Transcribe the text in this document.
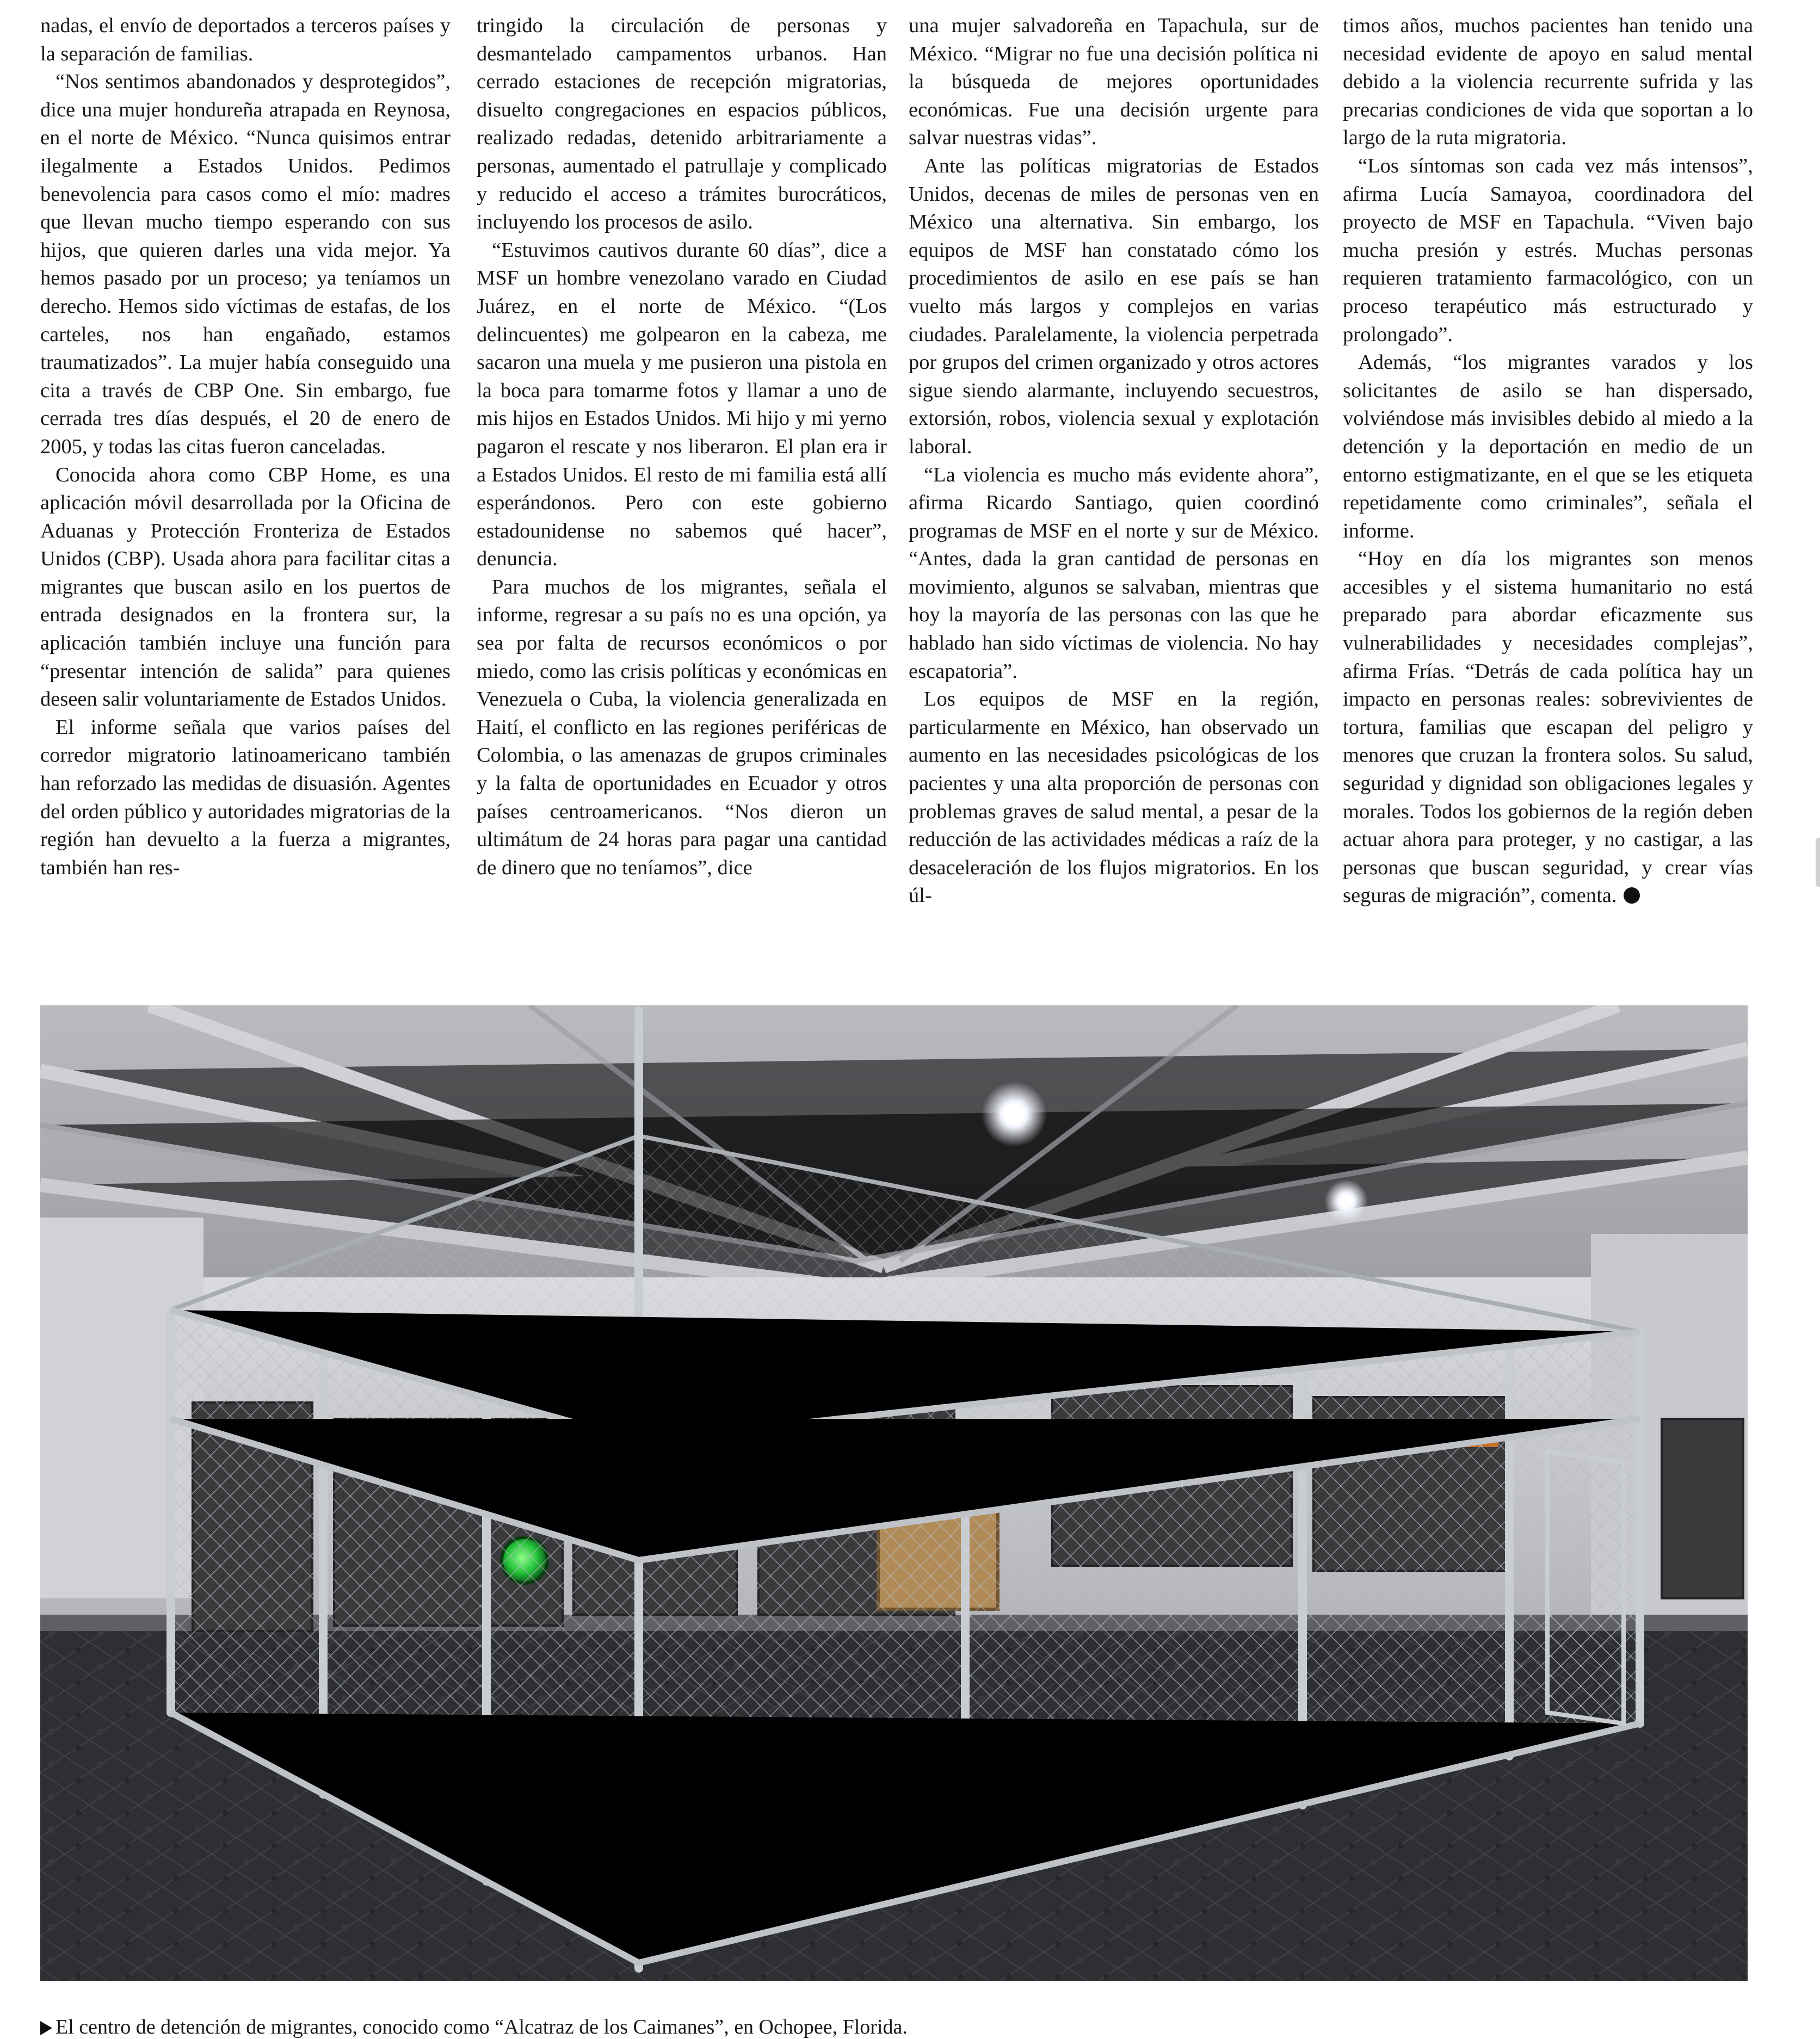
nadas, el envío de deportados a terceros países y la separación de familias.

“Nos sentimos abandonados y desprotegidos”, dice una mujer hondureña atrapada en Reynosa, en el norte de México. “Nunca quisimos entrar ilegalmente a Estados Unidos. Pedimos benevolencia para casos como el mío: madres que llevan mucho tiempo esperando con sus hijos, que quieren darles una vida mejor. Ya hemos pasado por un proceso; ya teníamos un derecho. Hemos sido víctimas de estafas, de los carteles, nos han engañado, estamos traumatizados”. La mujer había conseguido una cita a través de CBP One. Sin embargo, fue cerrada tres días después, el 20 de enero de 2005, y todas las citas fueron canceladas.

Conocida ahora como CBP Home, es una aplicación móvil desarrollada por la Oficina de Aduanas y Protección Fronteriza de Estados Unidos (CBP). Usada ahora para facilitar citas a migrantes que buscan asilo en los puertos de entrada designados en la frontera sur, la aplicación también incluye una función para “presentar intención de salida” para quienes deseen salir voluntariamente de Estados Unidos.

El informe señala que varios países del corredor migratorio latinoamericano también han reforzado las medidas de disuasión. Agentes del orden público y autoridades migratorias de la región han devuelto a la fuerza a migrantes, también han res-

tringido la circulación de personas y desmantelado campamentos urbanos. Han cerrado estaciones de recepción migratorias, disuelto congregaciones en espacios públicos, realizado redadas, detenido arbitrariamente a personas, aumentado el patrullaje y complicado y reducido el acceso a trámites burocráticos, incluyendo los procesos de asilo.

“Estuvimos cautivos durante 60 días”, dice a MSF un hombre venezolano varado en Ciudad Juárez, en el norte de México. “(Los delincuentes) me golpearon en la cabeza, me sacaron una muela y me pusieron una pistola en la boca para tomarme fotos y llamar a uno de mis hijos en Estados Unidos. Mi hijo y mi yerno pagaron el rescate y nos liberaron. El plan era ir a Estados Unidos. El resto de mi familia está allí esperándonos. Pero con este gobierno estadounidense no sabemos qué hacer”, denuncia.

Para muchos de los migrantes, señala el informe, regresar a su país no es una opción, ya sea por falta de recursos económicos o por miedo, como las crisis políticas y económicas en Venezuela o Cuba, la violencia generalizada en Haití, el conflicto en las regiones periféricas de Colombia, o las amenazas de grupos criminales y la falta de oportunidades en Ecuador y otros países centroamericanos. “Nos dieron un ultimátum de 24 horas para pagar una cantidad de dinero que no teníamos”, dice

una mujer salvadoreña en Tapachula, sur de México. “Migrar no fue una decisión política ni la búsqueda de mejores oportunidades económicas. Fue una decisión urgente para salvar nuestras vidas”.

Ante las políticas migratorias de Estados Unidos, decenas de miles de personas ven en México una alternativa. Sin embargo, los equipos de MSF han constatado cómo los procedimientos de asilo en ese país se han vuelto más largos y complejos en varias ciudades. Paralelamente, la violencia perpetrada por grupos del crimen organizado y otros actores sigue siendo alarmante, incluyendo secuestros, extorsión, robos, violencia sexual y explotación laboral.

“La violencia es mucho más evidente ahora”, afirma Ricardo Santiago, quien coordinó programas de MSF en el norte y sur de México. “Antes, dada la gran cantidad de personas en movimiento, algunos se salvaban, mientras que hoy la mayoría de las personas con las que he hablado han sido víctimas de violencia. No hay escapatoria”.

Los equipos de MSF en la región, particularmente en México, han observado un aumento en las necesidades psicológicas de los pacientes y una alta proporción de personas con problemas graves de salud mental, a pesar de la reducción de las actividades médicas a raíz de la desaceleración de los flujos migratorios. En los úl-

timos años, muchos pacientes han tenido una necesidad evidente de apoyo en salud mental debido a la violencia recurrente sufrida y las precarias condiciones de vida que soportan a lo largo de la ruta migratoria.

“Los síntomas son cada vez más intensos”, afirma Lucía Samayoa, coordinadora del proyecto de MSF en Tapachula. “Viven bajo mucha presión y estrés. Muchas personas requieren tratamiento farmacológico, con un proceso terapéutico más estructurado y prolongado”.

Además, “los migrantes varados y los solicitantes de asilo se han dispersado, volviéndose más invisibles debido al miedo a la detención y la deportación en medio de un entorno estigmatizante, en el que se les etiqueta repetidamente como criminales”, señala el informe.

“Hoy en día los migrantes son menos accesibles y el sistema humanitario no está preparado para abordar eficazmente sus vulnerabilidades y necesidades complejas”, afirma Frías. “Detrás de cada política hay un impacto en personas reales: sobrevivientes de tortura, familias que escapan del peligro y menores que cruzan la frontera solos. Su salud, seguridad y dignidad son obligaciones legales y morales. Todos los gobiernos de la región deben actuar ahora para proteger, y no castigar, a las personas que buscan seguridad, y crear vías seguras de migración”, comenta.

El centro de detención de migrantes, conocido como “Alcatraz de los Caimanes”, en Ochopee, Florida.
